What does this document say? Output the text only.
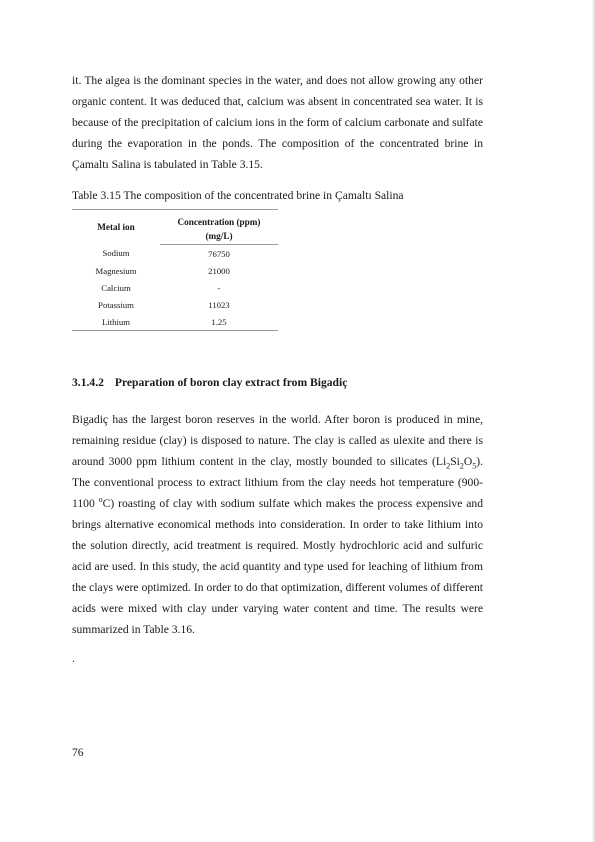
it. The algea is the dominant species in the water, and does not allow growing any other organic content. It was deduced that, calcium was absent in concentrated sea water. It is because of the precipitation of calcium ions in the form of calcium carbonate and sulfate during the evaporation in the ponds. The composition of the concentrated brine in Çamaltı Salina is tabulated in Table 3.15.

Table 3.15 The composition of the concentrated brine in Çamaltı Salina

Metal ion	Concentration (ppm)
	(mg/L)
Sodium	76750
Magnesium	21000
Calcium	-
Potassium	11023
Lithium	1.25
3.1.4.2 Preparation of boron clay extract from Bigadiç

Bigadiç has the largest boron reserves in the world. After boron is produced in mine, remaining residue (clay) is disposed to nature. The clay is called as ulexite and there is around 3000 ppm lithium content in the clay, mostly bounded to silicates $(Li_2Si_2O_5)$. The conventional process to extract lithium from the clay needs hot temperature (900-1100 $^o$C) roasting of clay with sodium sulfate which makes the process expensive and brings alternative economical methods into consideration. In order to take lithium into the solution directly, acid treatment is required. Mostly hydrochloric acid and sulfuric acid are used. In this study, the acid quantity and type used for leaching of lithium from the clays were optimized. In order to do that optimization, different volumes of different acids were mixed with clay under varying water content and time. The results were summarized in Table 3.16.

.
76
